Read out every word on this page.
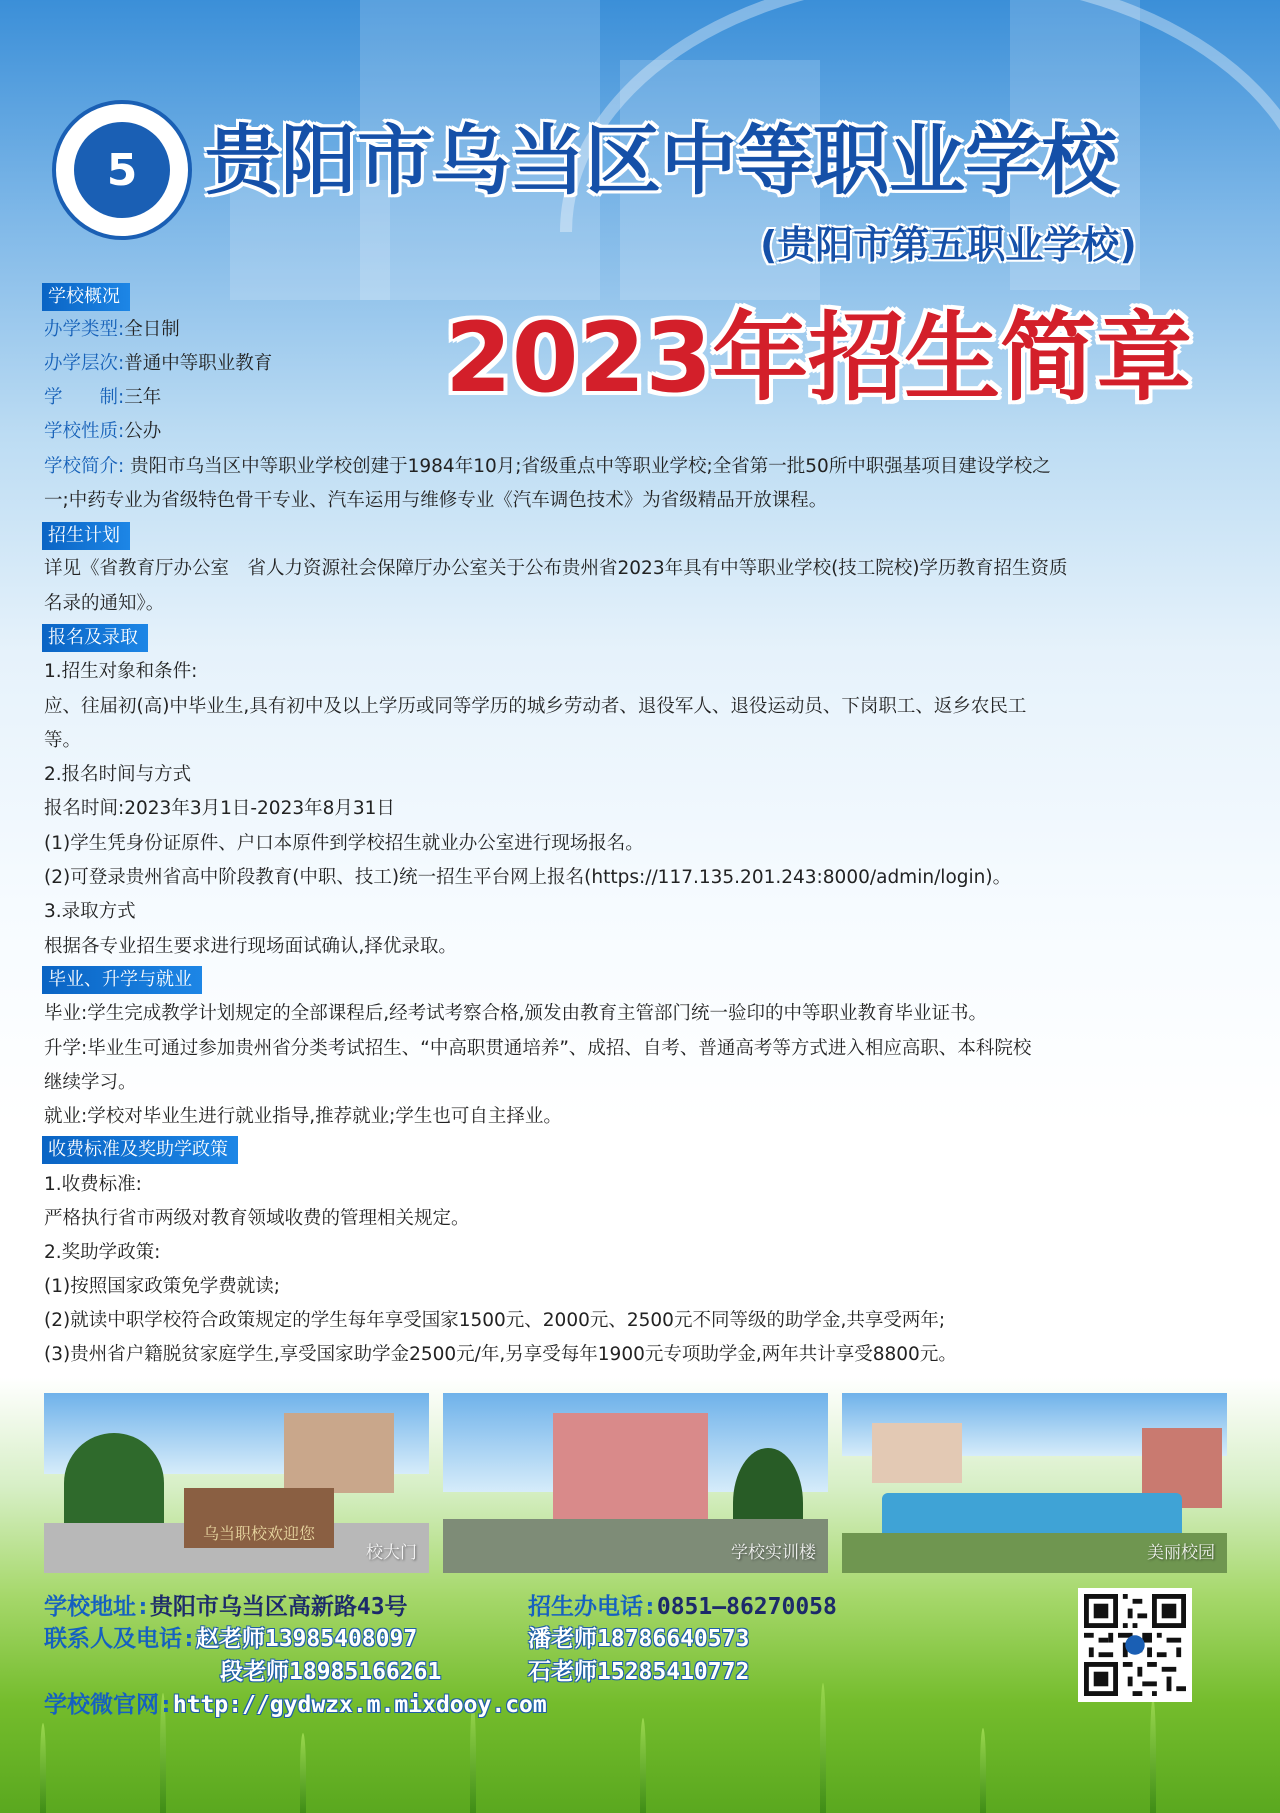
5 贵阳市乌当区中等职业学校
(贵阳市第五职业学校)
2023年招生简章
学校概况
办学类型:全日制
办学层次:普通中等职业教育
学　　制:三年
学校性质:公办
学校简介: 贵阳市乌当区中等职业学校创建于1984年10月;省级重点中等职业学校;全省第一批50所中职强基项目建设学校之
一;中药专业为省级特色骨干专业、汽车运用与维修专业《汽车调色技术》为省级精品开放课程。
招生计划
详见《省教育厅办公室　省人力资源社会保障厅办公室关于公布贵州省2023年具有中等职业学校(技工院校)学历教育招生资质
名录的通知》。
报名及录取
1.招生对象和条件:
应、往届初(高)中毕业生,具有初中及以上学历或同等学历的城乡劳动者、退役军人、退役运动员、下岗职工、返乡农民工
等。
2.报名时间与方式
报名时间:2023年3月1日-2023年8月31日
(1)学生凭身份证原件、户口本原件到学校招生就业办公室进行现场报名。
(2)可登录贵州省高中阶段教育(中职、技工)统一招生平台网上报名(https://117.135.201.243:8000/admin/login)。
3.录取方式
根据各专业招生要求进行现场面试确认,择优录取。
毕业、升学与就业
毕业:学生完成教学计划规定的全部课程后,经考试考察合格,颁发由教育主管部门统一验印的中等职业教育毕业证书。
升学:毕业生可通过参加贵州省分类考试招生、“中高职贯通培养”、成招、自考、普通高考等方式进入相应高职、本科院校
继续学习。
就业:学校对毕业生进行就业指导,推荐就业;学生也可自主择业。
收费标准及奖助学政策
1.收费标准:
严格执行省市两级对教育领域收费的管理相关规定。
2.奖助学政策:
(1)按照国家政策免学费就读;
(2)就读中职学校符合政策规定的学生每年享受国家1500元、2000元、2500元不同等级的助学金,共享受两年;
(3)贵州省户籍脱贫家庭学生,享受国家助学金2500元/年,另享受每年1900元专项助学金,两年共计享受8800元。
乌当职校欢迎您
校大门	学校实训楼	美丽校园
学校地址:贵阳市乌当区高新路43号	招生办电话:0851—86270058
联系人及电话:赵老师13985408097	潘老师18786640573
段老师18985166261	石老师15285410772
学校微官网:http://gydwzx.m.mixdooy.com
